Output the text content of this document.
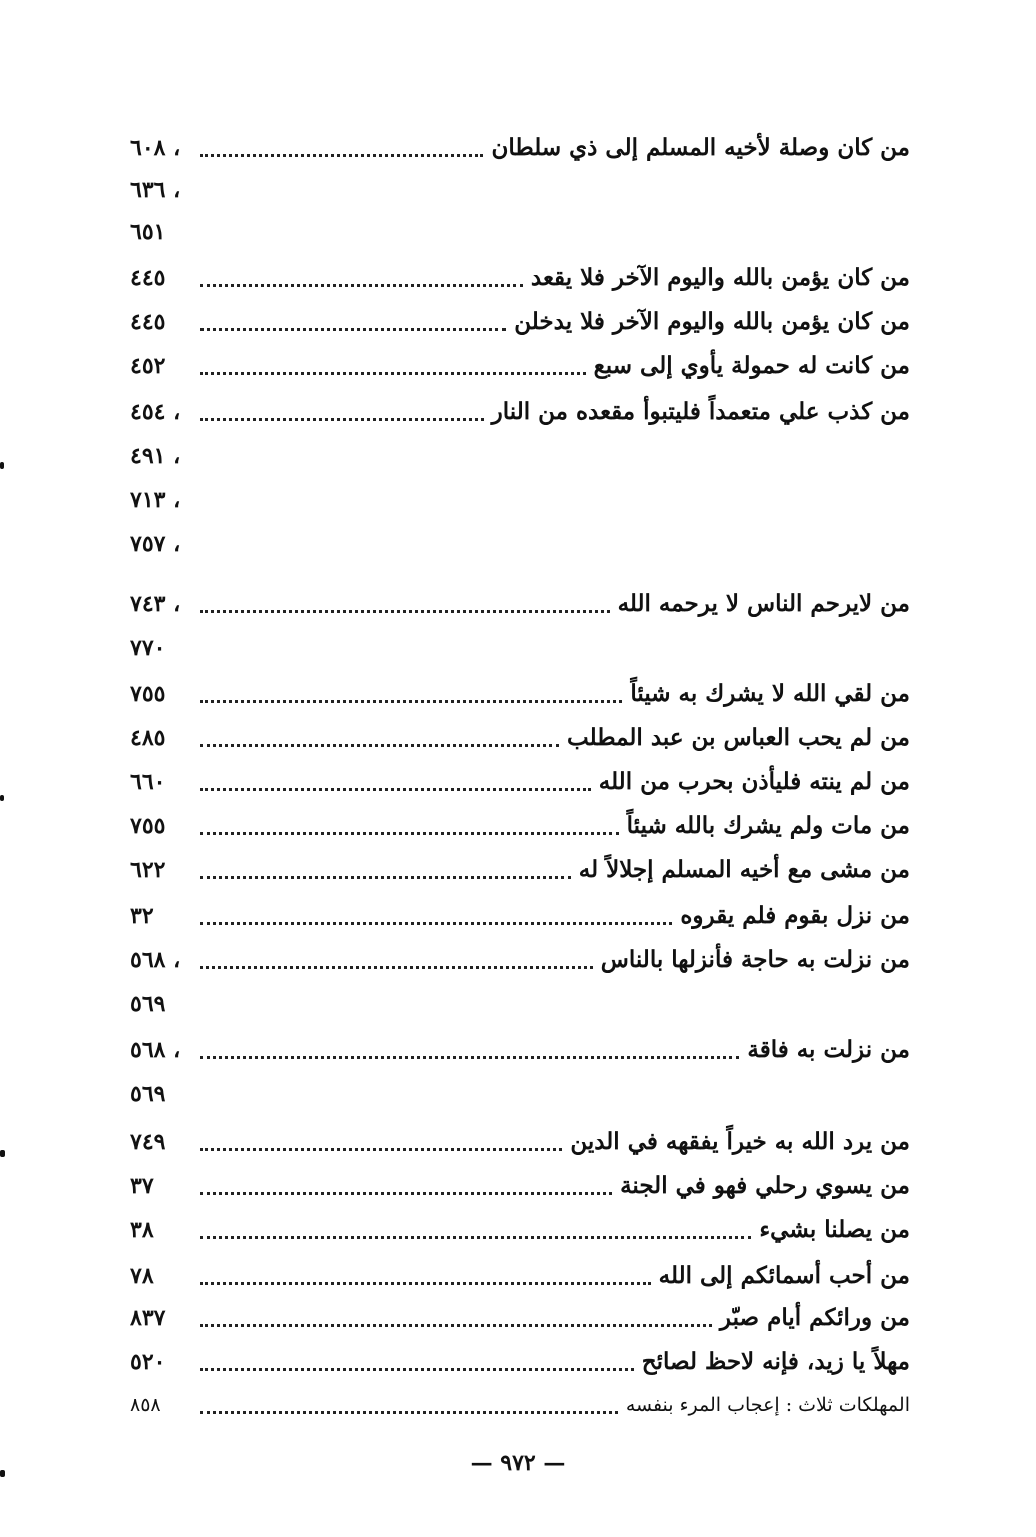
٦٠٨ ،	من كان وصلة لأخيه المسلم إلى ذي سلطان
٦٣٦ ،
٦٥١
٤٤٥	من كان يؤمن بالله واليوم الآخر فلا يقعد
٤٤٥	من كان يؤمن بالله واليوم الآخر فلا يدخلن
٤٥٢	من كانت له حمولة يأوي إلى سبع
٤٥٤ ،	من كذب علي متعمداً فليتبوأ مقعده من النار
٤٩١ ،
٧١٣ ،
٧٥٧ ،
٧٤٣ ،	من لايرحم الناس لا يرحمه الله
٧٧٠
٧٥٥	من لقي الله لا يشرك به شيئاً
٤٨٥	من لم يحب العباس بن عبد المطلب
٦٦٠	من لم ينته فليأذن بحرب من الله
٧٥٥	من مات ولم يشرك بالله شيئاً
٦٢٢	من مشى مع أخيه المسلم إجلالاً له
٣٢	من نزل بقوم فلم يقروه
٥٦٨ ،	من نزلت به حاجة فأنزلها بالناس
٥٦٩
٥٦٨ ،	من نزلت به فاقة
٥٦٩
٧٤٩	من يرد الله به خيراً يفقهه في الدين
٣٧	من يسوي رحلي فهو في الجنة
٣٨	من يصلنا بشيء
٧٨	من أحب أسمائكم إلى الله
٨٣٧	من ورائكم أيام صبّر
٥٢٠	مهلاً يا زيد، فإنه لاحظ لصائح
٨٥٨	المهلكات ثلاث : إعجاب المرء بنفسه
— ٩٧٢ —
